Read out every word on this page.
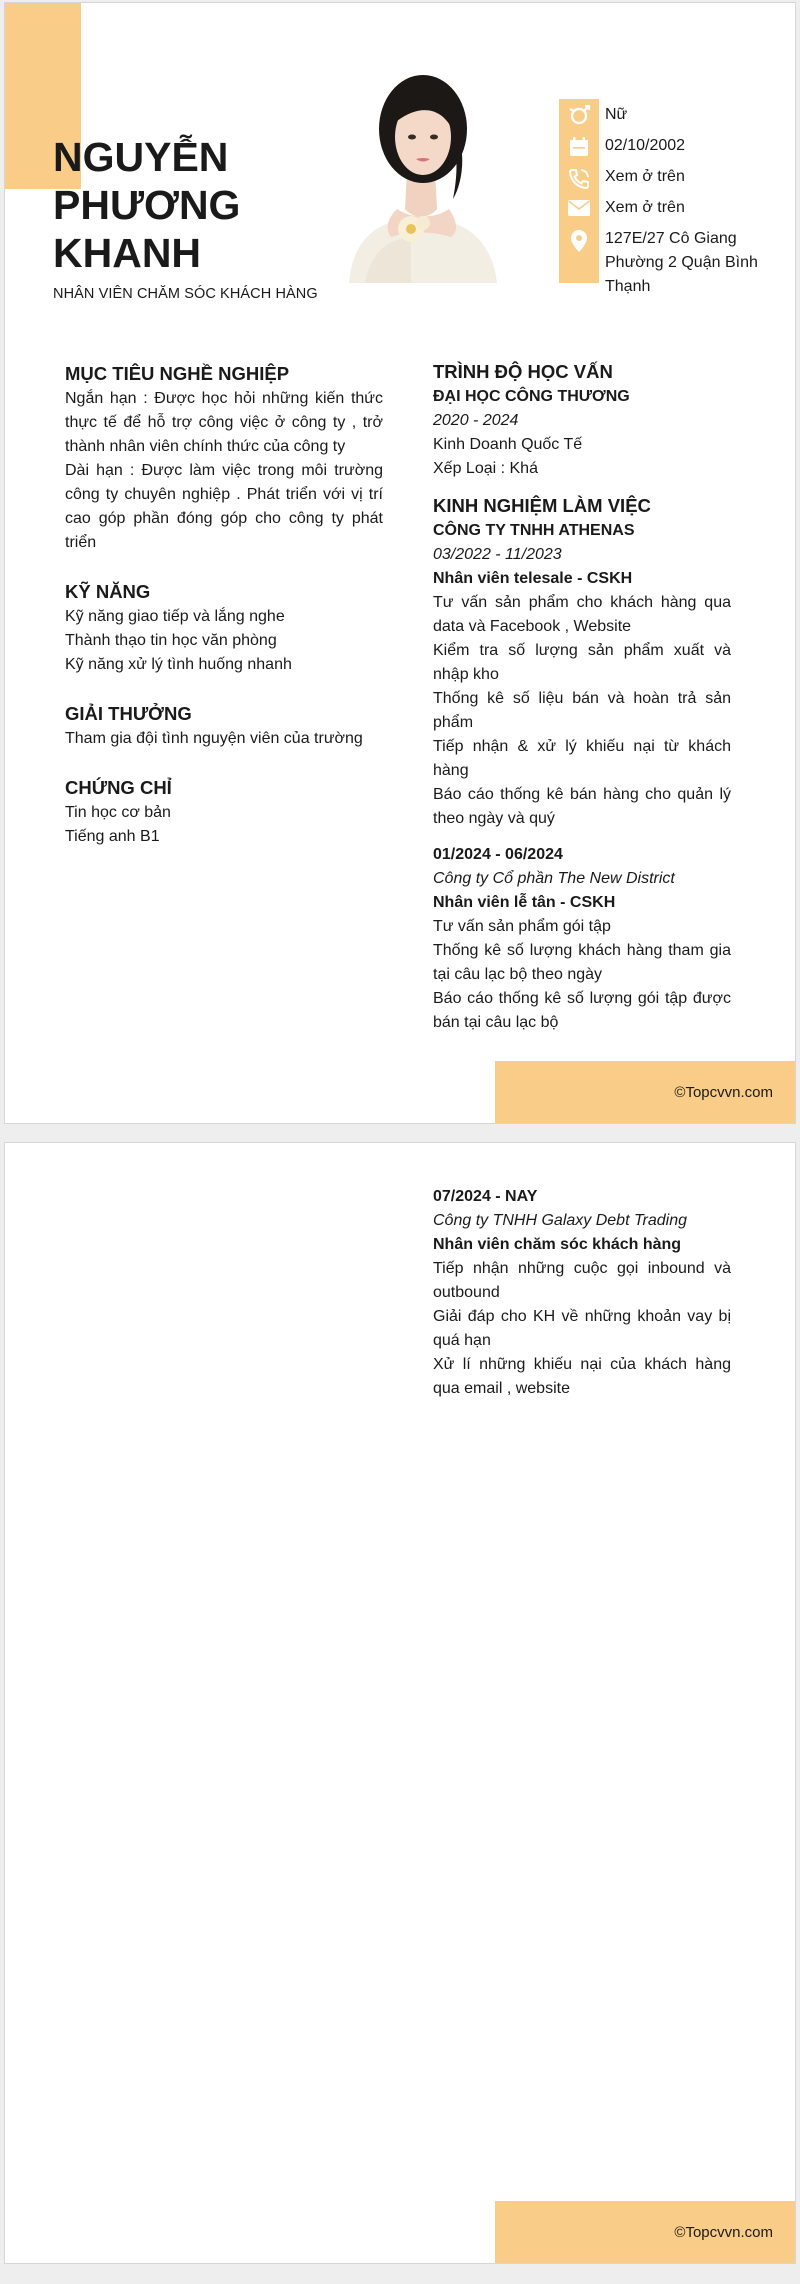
NGUYỄN
PHƯƠNG
KHANH
NHÂN VIÊN CHĂM SÓC KHÁCH HÀNG
Nữ
02/10/2002
Xem ở trên
Xem ở trên
127E/27 Cô Giang Phường 2 Quận Bình Thạnh
MỤC TIÊU NGHỀ NGHIỆP
Ngắn hạn : Được học hỏi những kiến thức thực tế để hỗ trợ công việc ở công ty , trở thành nhân viên chính thức của công ty
Dài hạn : Được làm việc trong môi trường công ty chuyên nghiệp . Phát triển với vị trí cao góp phần đóng góp cho công ty phát triển
KỸ NĂNG
Kỹ năng giao tiếp và lắng nghe
Thành thạo tin học văn phòng
Kỹ năng xử lý tình huống nhanh
GIẢI THƯỞNG
Tham gia đội tình nguyện viên của trường
CHỨNG CHỈ
Tin học cơ bản
Tiếng anh B1
TRÌNH ĐỘ HỌC VẤN
ĐẠI HỌC CÔNG THƯƠNG
2020 - 2024
Kinh Doanh Quốc Tế
Xếp Loại : Khá
KINH NGHIỆM LÀM VIỆC
CÔNG TY TNHH ATHENAS
03/2022 - 11/2023
Nhân viên telesale - CSKH
Tư vấn sản phẩm cho khách hàng qua data và Facebook , Website
Kiểm tra số lượng sản phẩm xuất và nhập kho
Thống kê số liệu bán và hoàn trả sản phẩm
Tiếp nhận & xử lý khiếu nại từ khách hàng
Báo cáo thống kê bán hàng cho quản lý theo ngày và quý
01/2024 - 06/2024
Công ty Cổ phần The New District
Nhân viên lễ tân - CSKH
Tư vấn sản phẩm gói tập
Thống kê số lượng khách hàng tham gia tại câu lạc bộ theo ngày
Báo cáo thống kê số lượng gói tập được bán tại câu lạc bộ
©Topcvvn.com
07/2024 - NAY
Công ty TNHH Galaxy Debt Trading
Nhân viên chăm sóc khách hàng
Tiếp nhận những cuộc gọi inbound và outbound
Giải đáp cho KH về những khoản vay bị quá hạn
Xử lí những khiếu nại của khách hàng qua email , website
©Topcvvn.com
